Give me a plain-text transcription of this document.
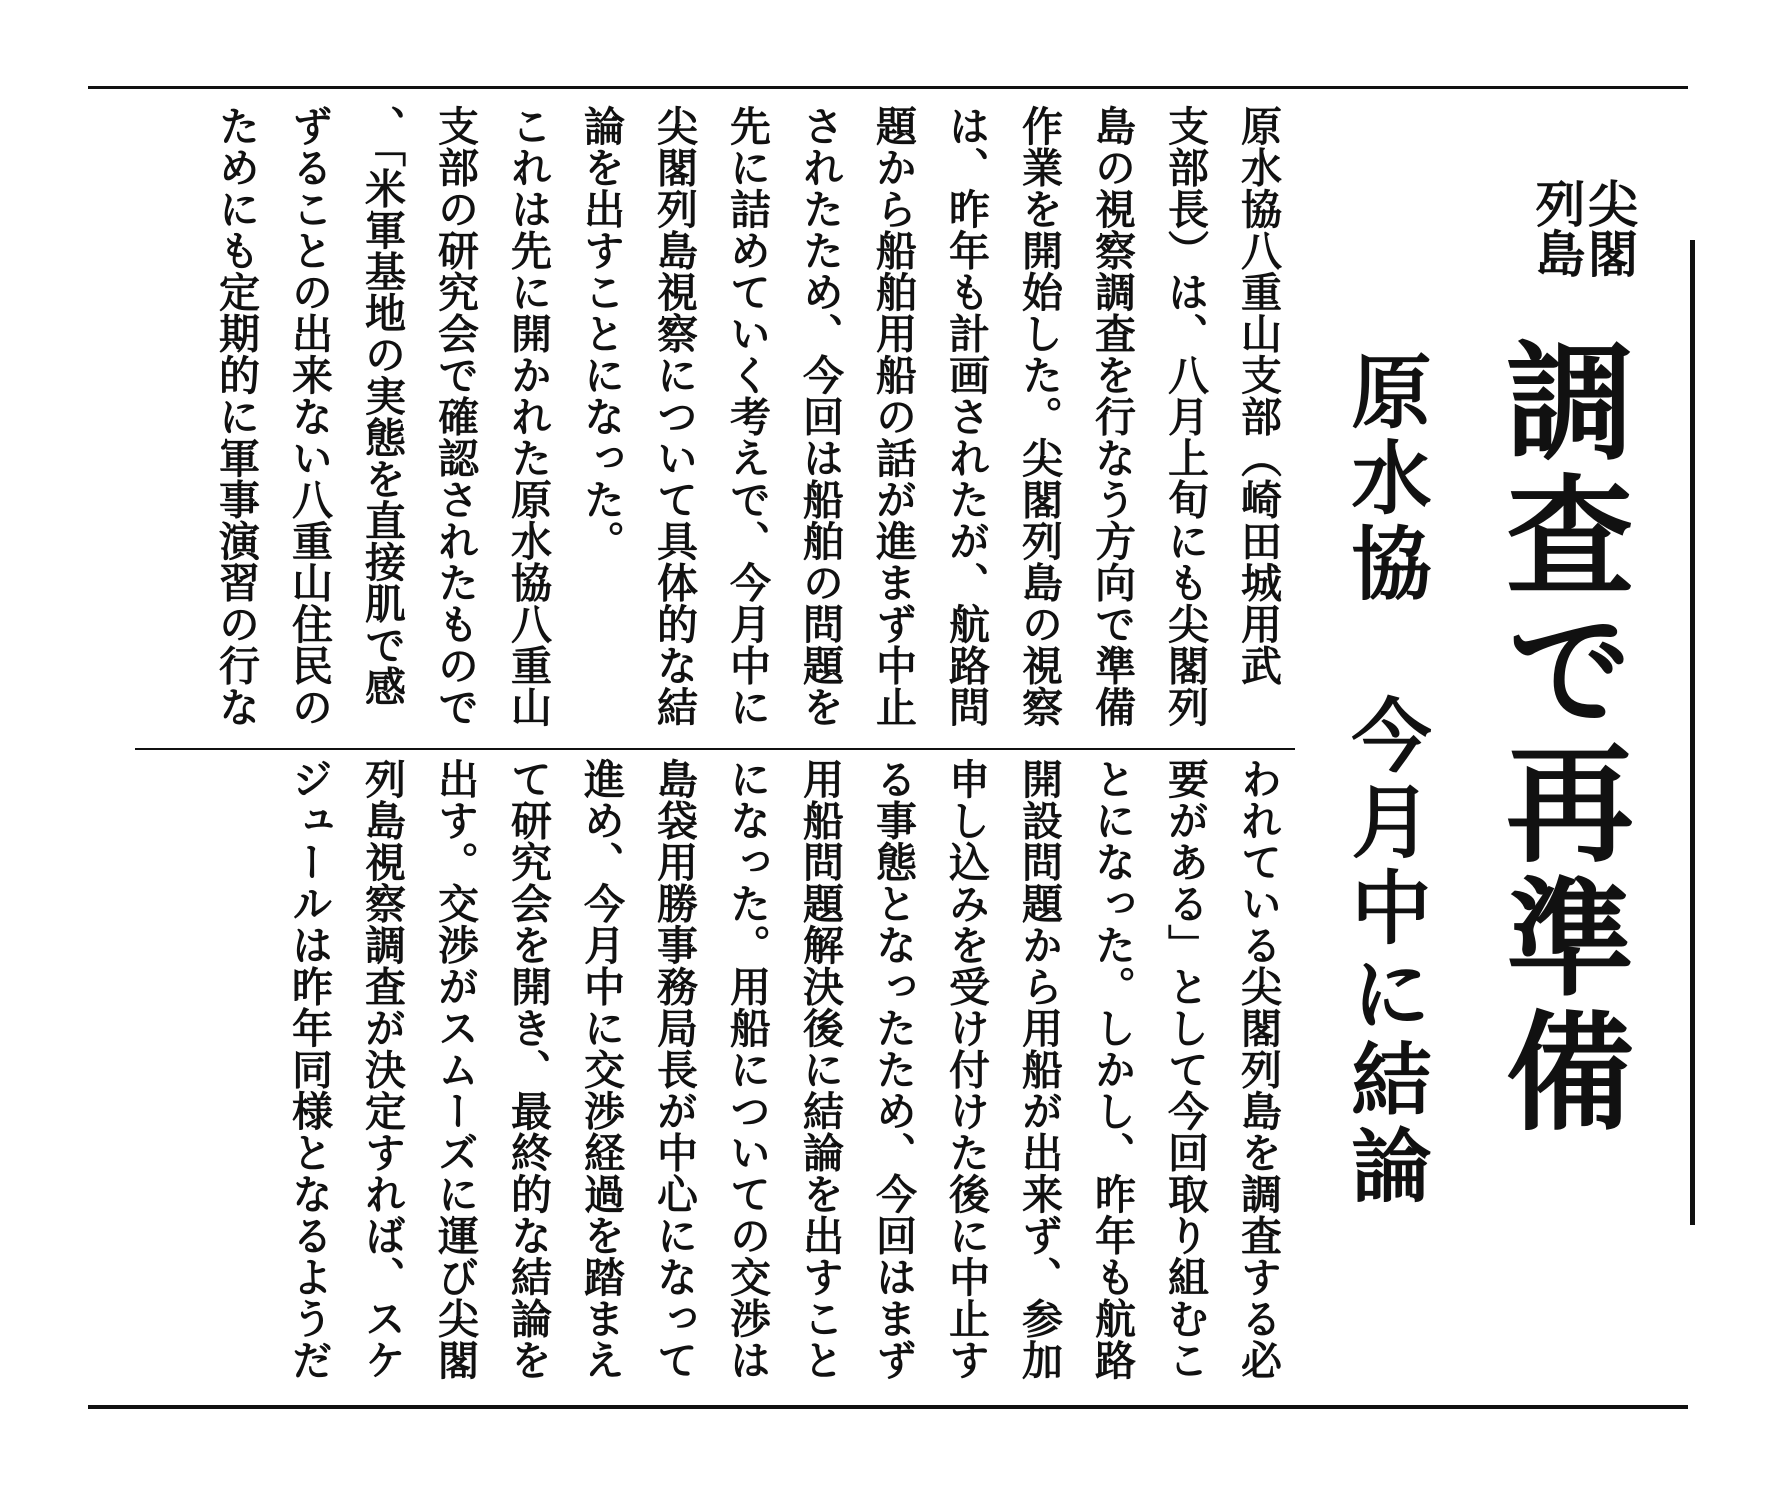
尖閣
列島
調査で再準備
原水協　今月中に結論
原水協八重山支部（崎田城用武
支部長）は、八月上旬にも尖閣列
島の視察調査を行なう方向で準備
作業を開始した。尖閣列島の視察
は、昨年も計画されたが、航路問
題から船舶用船の話が進まず中止
されたため、今回は船舶の問題を
先に詰めていく考えで、今月中に
尖閣列島視察について具体的な結
論を出すことになった。
これは先に開かれた原水協八重山
支部の研究会で確認されたもので
、「米軍基地の実態を直接肌で感
ずることの出来ない八重山住民の
ためにも定期的に軍事演習の行な
われている尖閣列島を調査する必
要がある」として今回取り組むこ
とになった。しかし、昨年も航路
開設問題から用船が出来ず、参加
申し込みを受け付けた後に中止す
る事態となったため、今回はまず
用船問題解決後に結論を出すこと
になった。用船についての交渉は
島袋用勝事務局長が中心になって
進め、今月中に交渉経過を踏まえ
て研究会を開き、最終的な結論を
出す。交渉がスムーズに運び尖閣
列島視察調査が決定すれば、スケ
ジュールは昨年同様となるようだ
